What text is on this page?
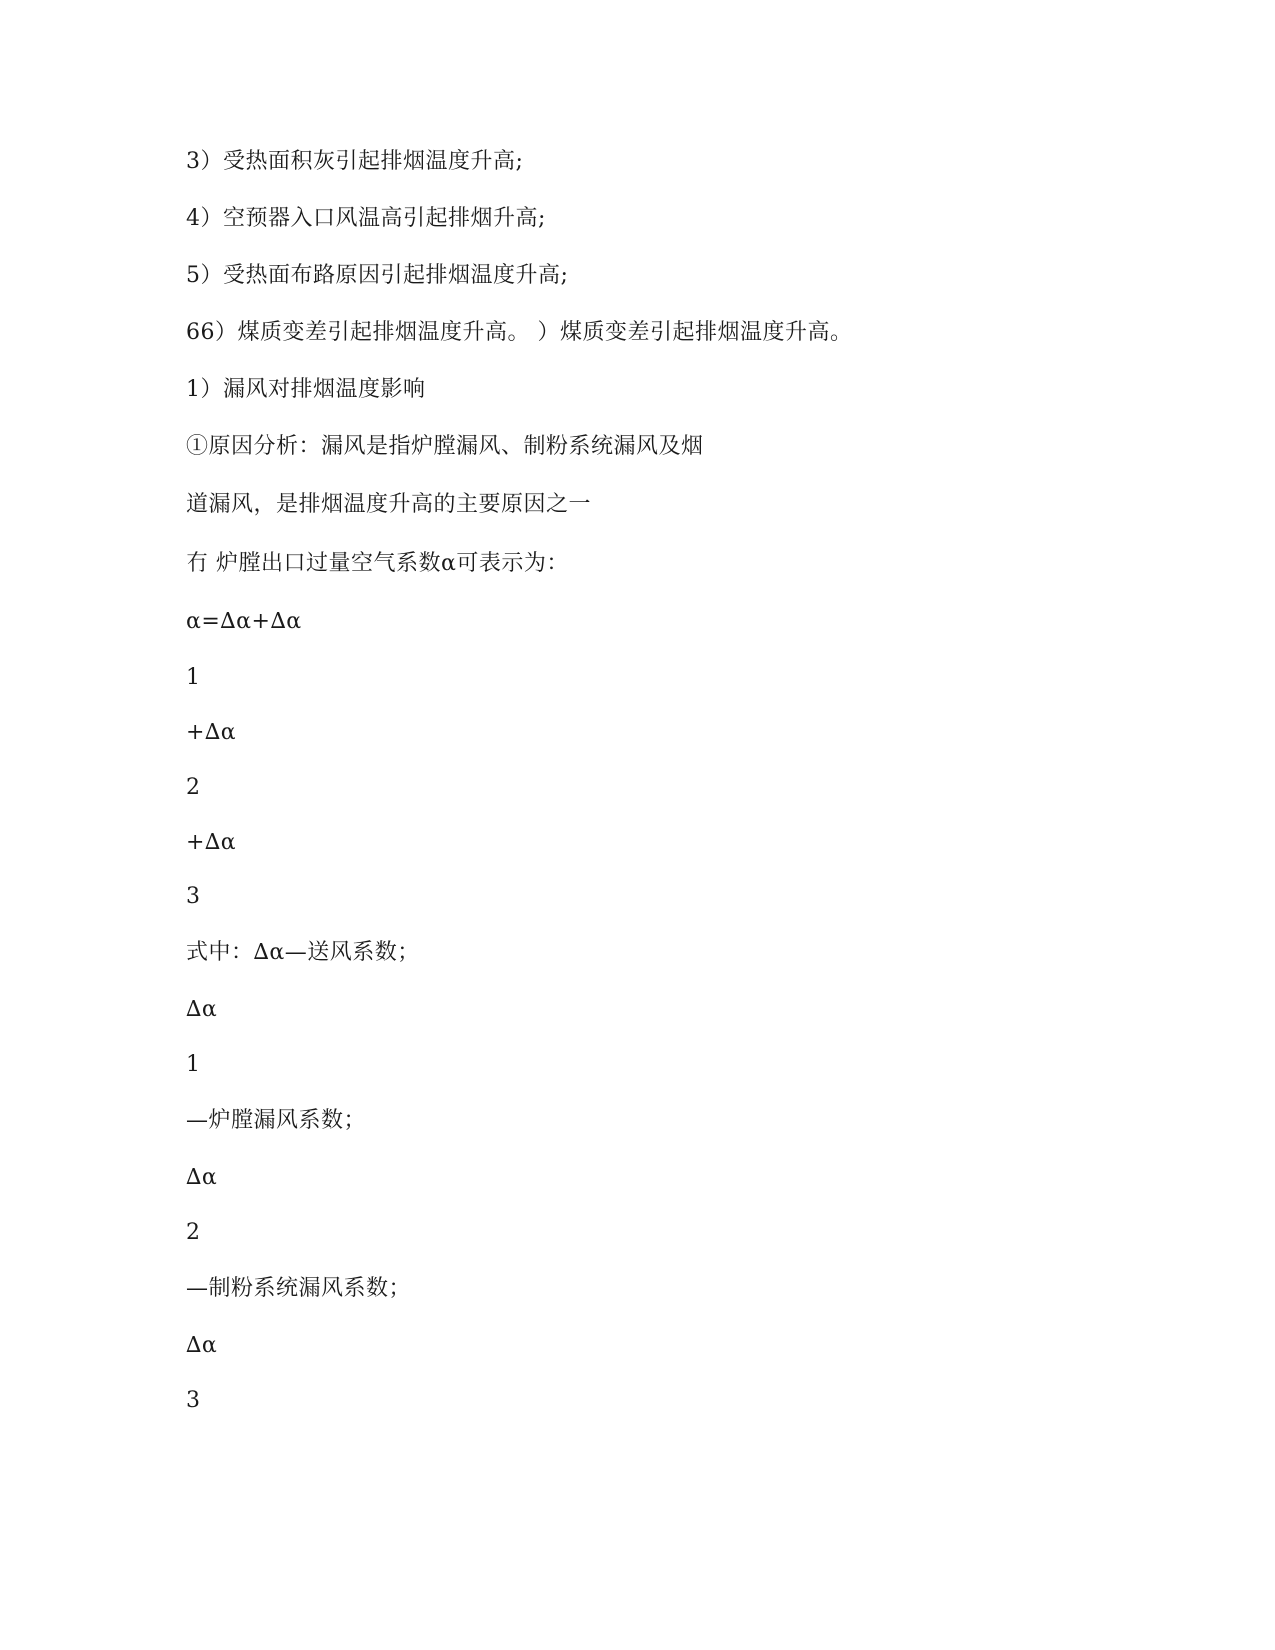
3）受热面积灰引起排烟温度升高;
4）空预器入口风温高引起排烟升高;
5）受热面布路原因引起排烟温度升高;
66）煤质变差引起排烟温度升高。 ）煤质变差引起排烟温度升高。
1）漏风对排烟温度影响
①原因分析：漏风是指炉膛漏风、制粉系统漏风及烟
道漏风，是排烟温度升高的主要原因之一
冇 炉膛出口过量空气系数α可表示为：
α=∆α+∆α
1
+∆α
2
+∆α
3
式中：∆α—送风系数；
∆α
1
—炉膛漏风系数；
∆α
2
—制粉系统漏风系数；
∆α
3
